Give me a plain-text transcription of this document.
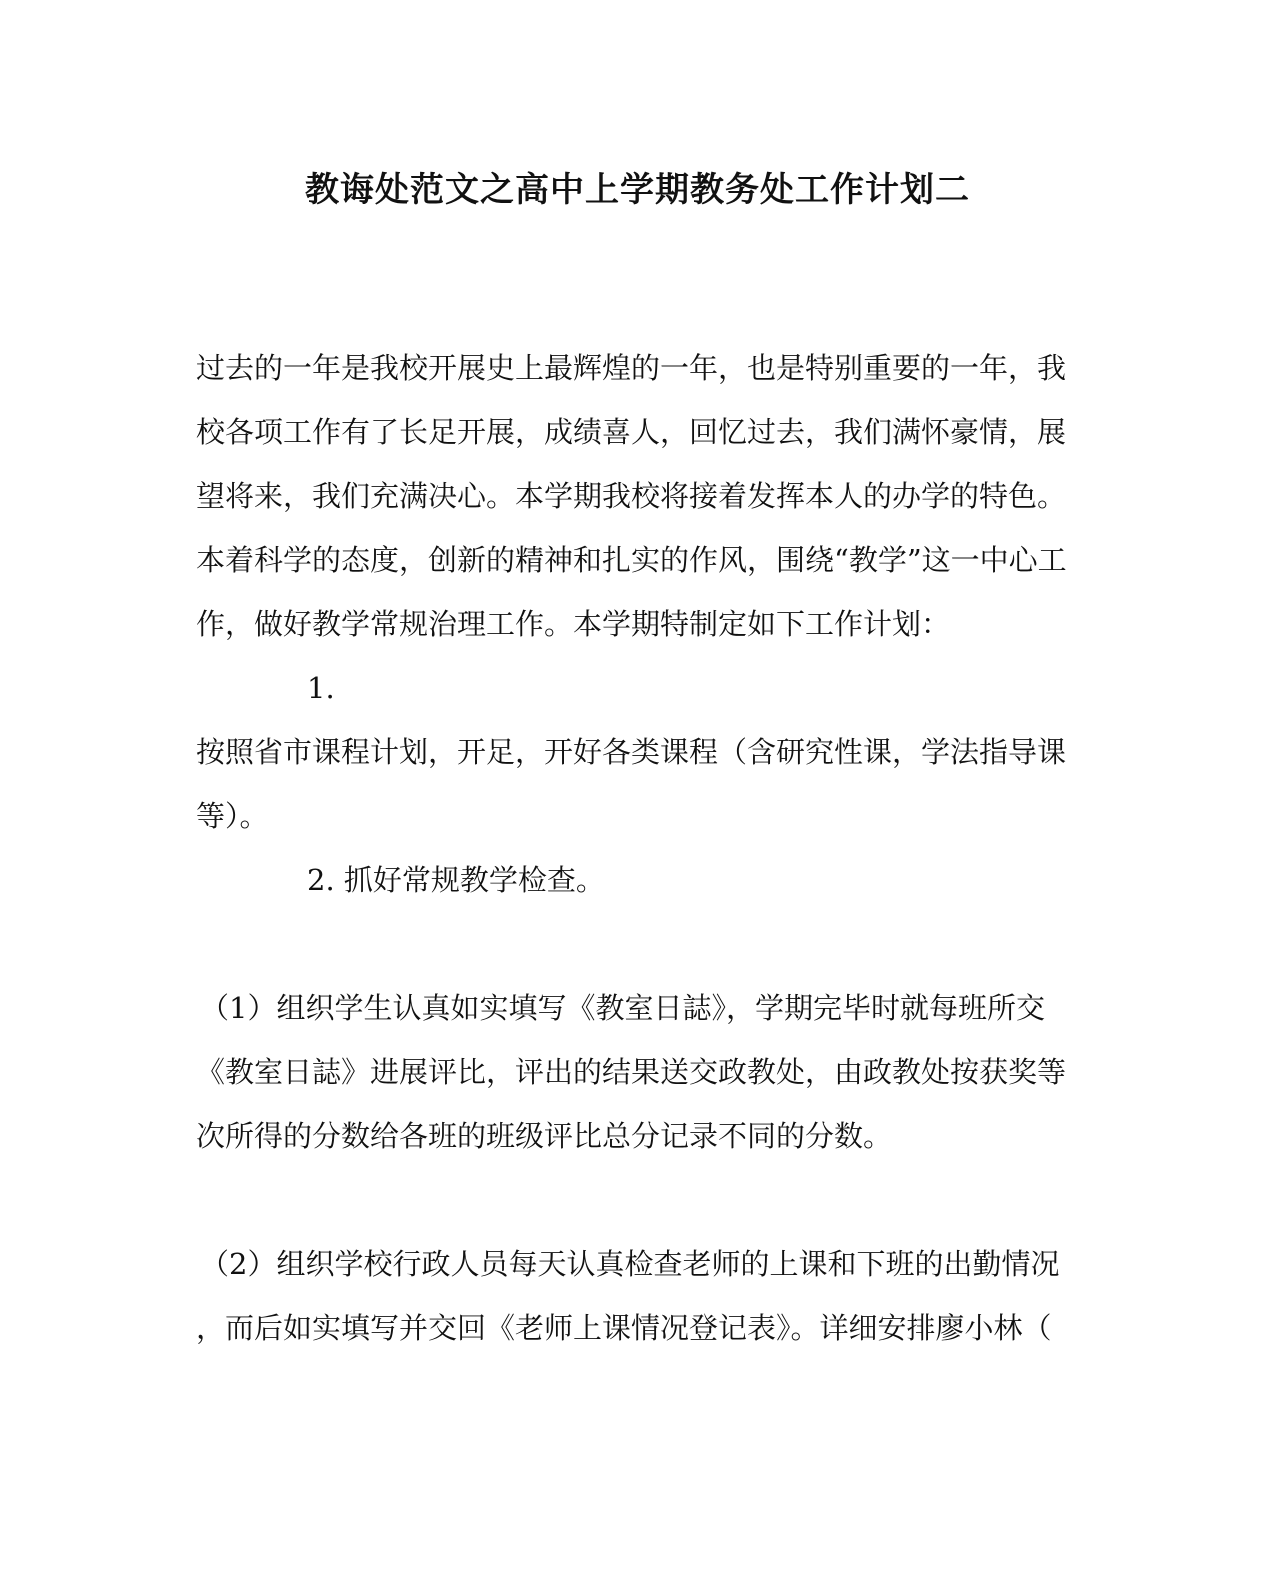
教诲处范文之高中上学期教务处工作计划二

过去的一年是我校开展史上最辉煌的一年，也是特别重要的一年，我

校各项工作有了长足开展，成绩喜人，回忆过去，我们满怀豪情，展

望将来，我们充满决心。本学期我校将接着发挥本人的办学的特色。

本着科学的态度，创新的精神和扎实的作风，围绕“教学”这一中心工

作，做好教学常规治理工作。本学期特制定如下工作计划：

1.

按照省市课程计划，开足，开好各类课程（含研究性课，学法指导课

等）。

2. 抓好常规教学检查。

（1）组织学生认真如实填写《教室日誌》，学期完毕时就每班所交

《教室日誌》进展评比，评出的结果送交政教处，由政教处按获奖等

次所得的分数给各班的班级评比总分记录不同的分数。

（2）组织学校行政人员每天认真检查老师的上课和下班的出勤情况

，而后如实填写并交回《老师上课情况登记表》。详细安排廖小林（
